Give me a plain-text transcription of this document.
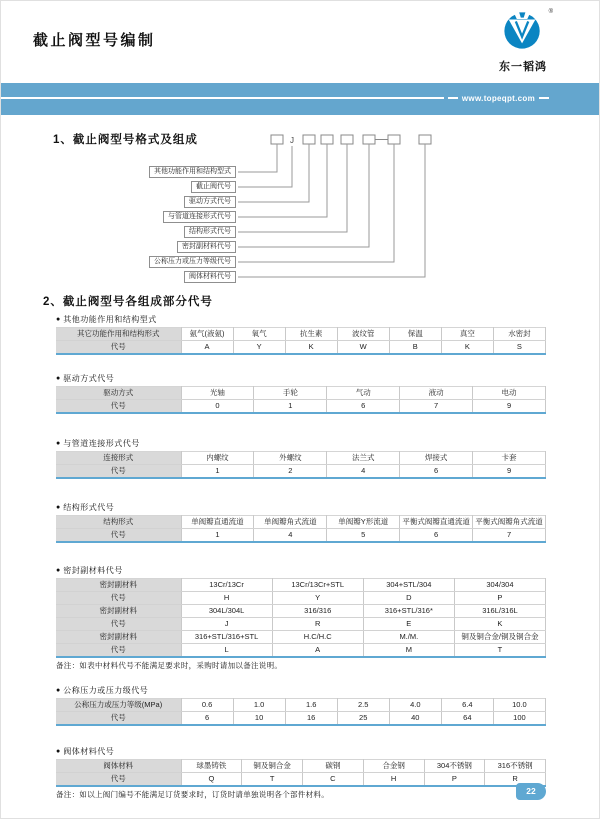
截止阀型号编制
®
东一韬鸿
www.topeqpt.com
1、截止阀型号格式及组成	J
其他功能作用和结构型式
截止阀代号
驱动方式代号
与管道连接形式代号
结构形式代号
密封副材料代号
公称压力或压力等级代号
阀体材料代号
2、截止阀型号各组成部分代号
● 其他功能作用和结构型式
其它功能作用和结构形式	氨气(液氨)	氧气	抗生素	波纹管	保温	真空	水密封
代号	A	Y	K	W	B	K	S
● 驱动方式代号
驱动方式	光轴	手轮	气动	液动	电动
代号	0	1	6	7	9
● 与管道连接形式代号
连接形式	内螺纹	外螺纹	法兰式	焊接式	卡套
代号	1	2	4	6	9
● 结构形式代号
结构形式	单阀瓣直通流道	单阀瓣角式流道	单阀瓣Y形流道	平衡式阀瓣直通流道	平衡式阀瓣角式流道
代号	1	4	5	6	7
● 密封副材料代号
密封副材料	13Cr/13Cr	13Cr/13Cr+STL	304+STL/304	304/304
代号	H	Y	D	P
密封副材料	304L/304L	316/316	316+STL/316*	316L/316L
代号	J	R	E	K
密封副材料	316+STL/316+STL	H.C/H.C	M./M.	铜及铜合金/铜及铜合金
代号	L	A	M	T
备注：如表中材料代号不能满足要求时，采购时请加以备注说明。
● 公称压力或压力级代号
公称压力或压力等级(MPa)	0.6	1.0	1.6	2.5	4.0	6.4	10.0
代号	6	10	16	25	40	64	100
● 阀体材料代号
阀体材料	球墨铸铁	铜及铜合金	碳钢	合金钢	304不锈钢	316不锈钢
代号	Q	T	C	H	P	R
备注：如以上阀门编号不能满足订货要求时，订货时请单独说明各个部件材料。	22
